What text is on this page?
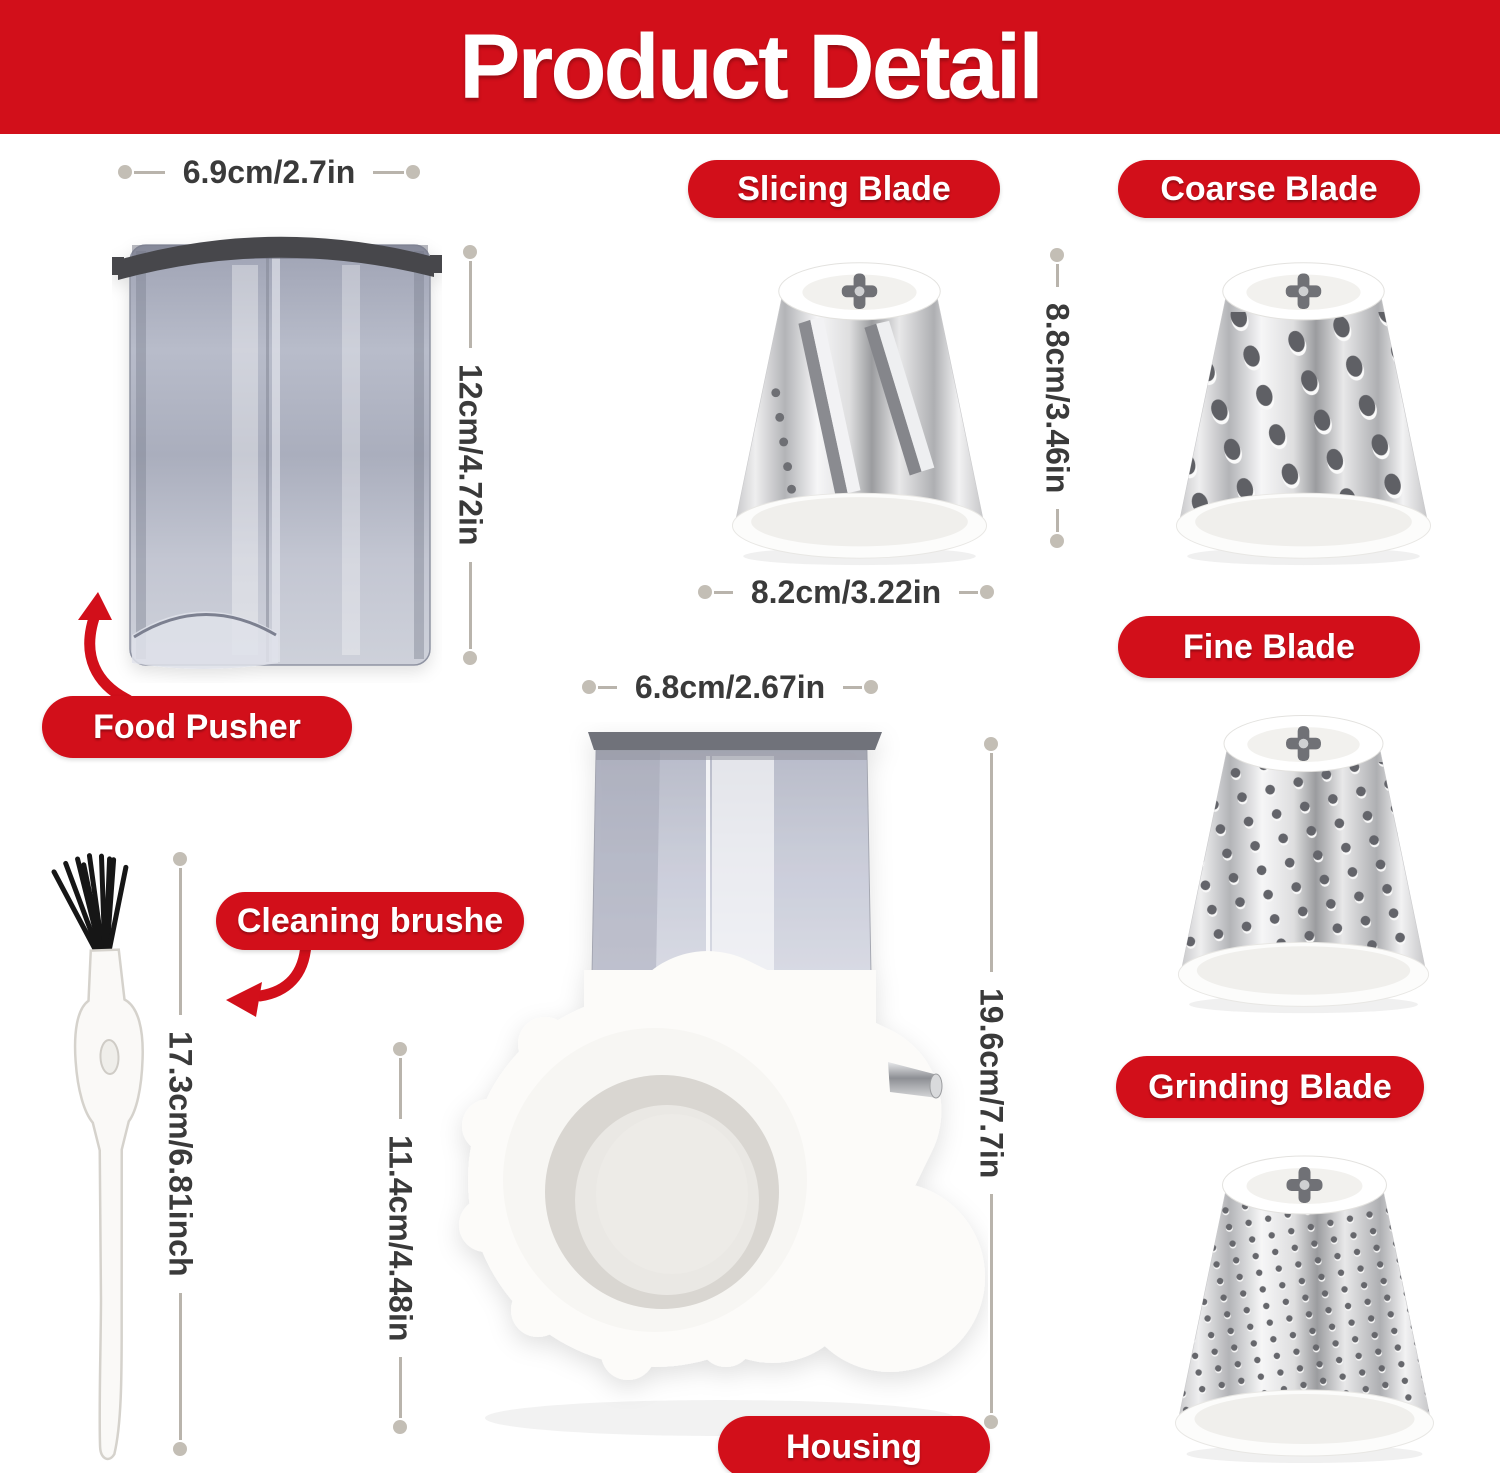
Product Detail
6.9cm/2.7in
8.2cm/3.22in
6.8cm/2.67in
12cm/4.72in	8.8cm/3.46in
19.6cm/7.7in
11.4cm/4.48in
17.3cm/6.81inch
Slicing Blade	Coarse Blade
Fine Blade
Grinding Blade
Food Pusher
Cleaning brushe
Housing
